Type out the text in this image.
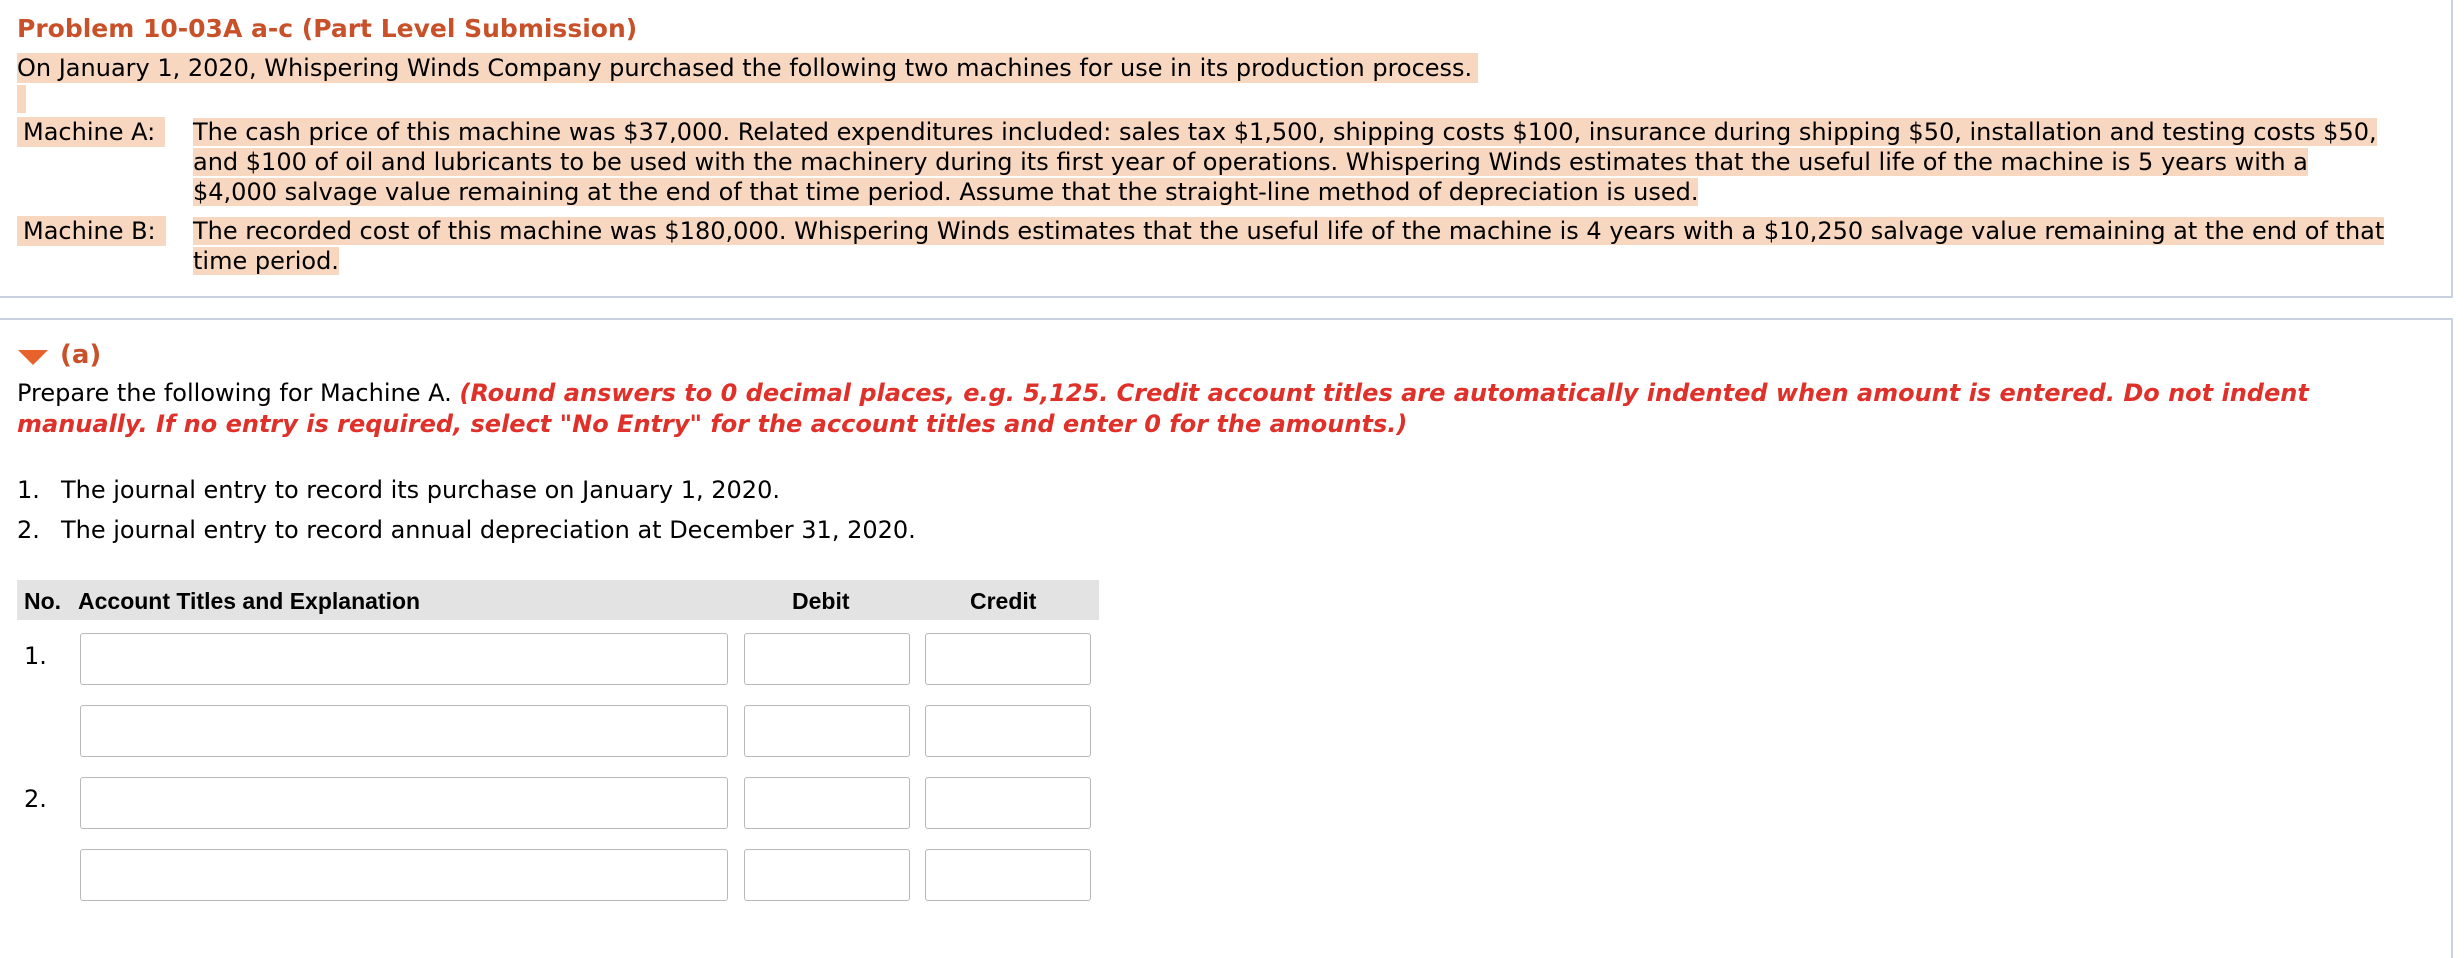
Problem 10-03A a-c (Part Level Submission)
On January 1, 2020, Whispering Winds Company purchased the following two machines for use in its production process.
Machine A:	The cash price of this machine was $37,000. Related expenditures included: sales tax $1,500, shipping costs $100, insurance during shipping $50, installation and testing costs $50,
and $100 of oil and lubricants to be used with the machinery during its first year of operations. Whispering Winds estimates that the useful life of the machine is 5 years with a
$4,000 salvage value remaining at the end of that time period. Assume that the straight-line method of depreciation is used.
Machine B:	The recorded cost of this machine was $180,000. Whispering Winds estimates that the useful life of the machine is 4 years with a $10,250 salvage value remaining at the end of that
time period.
(a)
Prepare the following for Machine A. (Round answers to 0 decimal places, e.g. 5,125. Credit account titles are automatically indented when amount is entered. Do not indent
manually. If no entry is required, select "No Entry" for the account titles and enter 0 for the amounts.)
1. The journal entry to record its purchase on January 1, 2020.
2. The journal entry to record annual depreciation at December 31, 2020.
No. Account Titles and Explanation	Debit	Credit
1.
2.
